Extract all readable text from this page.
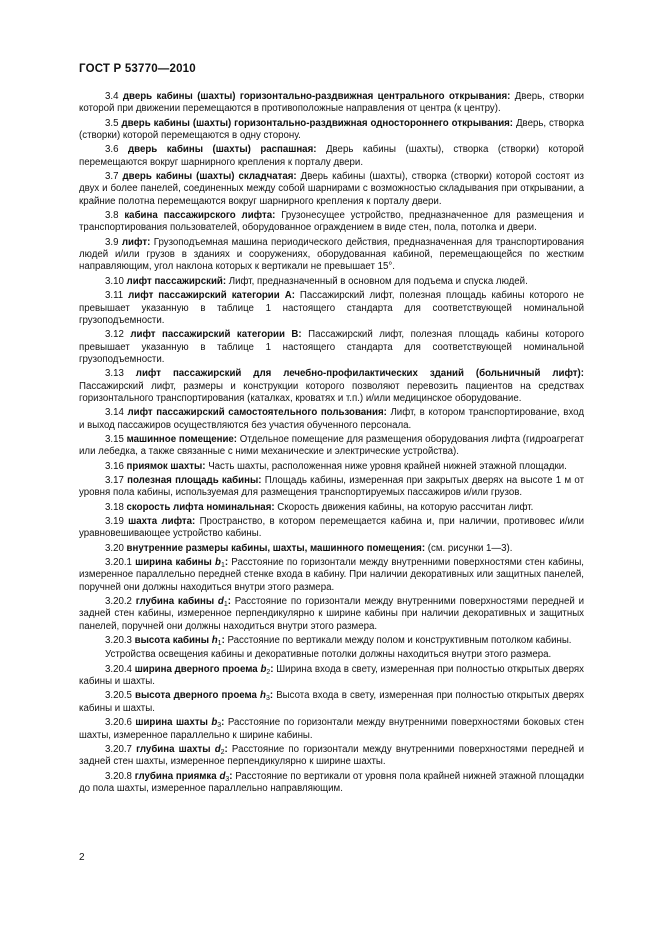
ГОСТ Р 53770—2010
3.4 дверь кабины (шахты) горизонтально-раздвижная центрального открывания: Дверь, створки которой при движении перемещаются в противоположные направления от центра (к центру).
3.5 дверь кабины (шахты) горизонтально-раздвижная одностороннего открывания: Дверь, створка (створки) которой перемещаются в одну сторону.
3.6 дверь кабины (шахты) распашная: Дверь кабины (шахты), створка (створки) которой перемещаются вокруг шарнирного крепления к порталу двери.
3.7 дверь кабины (шахты) складчатая: Дверь кабины (шахты), створка (створки) которой состоят из двух и более панелей, соединенных между собой шарнирами с возможностью складывания при открывании, а крайние полотна перемещаются вокруг шарнирного крепления к порталу двери.
3.8 кабина пассажирского лифта: Грузонесущее устройство, предназначенное для размещения и транспортирования пользователей, оборудованное ограждением в виде стен, пола, потолка и двери.
3.9 лифт: Грузоподъемная машина периодического действия, предназначенная для транспортирования людей и/или грузов в зданиях и сооружениях, оборудованная кабиной, перемещающейся по жестким направляющим, угол наклона которых к вертикали не превышает 15°.
3.10 лифт пассажирский: Лифт, предназначенный в основном для подъема и спуска людей.
3.11 лифт пассажирский категории А: Пассажирский лифт, полезная площадь кабины которого не превышает указанную в таблице 1 настоящего стандарта для соответствующей номинальной грузоподъемности.
3.12 лифт пассажирский категории В: Пассажирский лифт, полезная площадь кабины которого превышает указанную в таблице 1 настоящего стандарта для соответствующей номинальной грузоподъемности.
3.13 лифт пассажирский для лечебно-профилактических зданий (больничный лифт): Пассажирский лифт, размеры и конструкции которого позволяют перевозить пациентов на средствах горизонтального транспортирования (каталках, кроватях и т.п.) и/или медицинское оборудование.
3.14 лифт пассажирский самостоятельного пользования: Лифт, в котором транспортирование, вход и выход пассажиров осуществляются без участия обученного персонала.
3.15 машинное помещение: Отдельное помещение для размещения оборудования лифта (гидроагрегат или лебедка, а также связанные с ними механические и электрические устройства).
3.16 приямок шахты: Часть шахты, расположенная ниже уровня крайней нижней этажной площадки.
3.17 полезная площадь кабины: Площадь кабины, измеренная при закрытых дверях на высоте 1 м от уровня пола кабины, используемая для размещения транспортируемых пассажиров и/или грузов.
3.18 скорость лифта номинальная: Скорость движения кабины, на которую рассчитан лифт.
3.19 шахта лифта: Пространство, в котором перемещается кабина и, при наличии, противовес и/или уравновешивающее устройство кабины.
3.20 внутренние размеры кабины, шахты, машинного помещения: (см. рисунки 1—3).
3.20.1 ширина кабины $b_1$: Расстояние по горизонтали между внутренними поверхностями стен кабины, измеренное параллельно передней стенке входа в кабину. При наличии декоративных или защитных панелей, поручней они должны находиться внутри этого размера.
3.20.2 глубина кабины $d_1$: Расстояние по горизонтали между внутренними поверхностями передней и задней стен кабины, измеренное перпендикулярно к ширине кабины при наличии декоративных и защитных панелей, поручней они должны находиться внутри этого размера.
3.20.3 высота кабины $h_1$: Расстояние по вертикали между полом и конструктивным потолком кабины.
Устройства освещения кабины и декоративные потолки должны находиться внутри этого размера.
3.20.4 ширина дверного проема $b_2$: Ширина входа в свету, измеренная при полностью открытых дверях кабины и шахты.
3.20.5 высота дверного проема $h_3$: Высота входа в свету, измеренная при полностью открытых дверях кабины и шахты.
3.20.6 ширина шахты $b_3$: Расстояние по горизонтали между внутренними поверхностями боковых стен шахты, измеренное параллельно к ширине кабины.
3.20.7 глубина шахты $d_2$: Расстояние по горизонтали между внутренними поверхностями передней и задней стен шахты, измеренное перпендикулярно к ширине шахты.
3.20.8 глубина приямка $d_3$: Расстояние по вертикали от уровня пола крайней нижней этажной площадки до пола шахты, измеренное параллельно направляющим.
2
